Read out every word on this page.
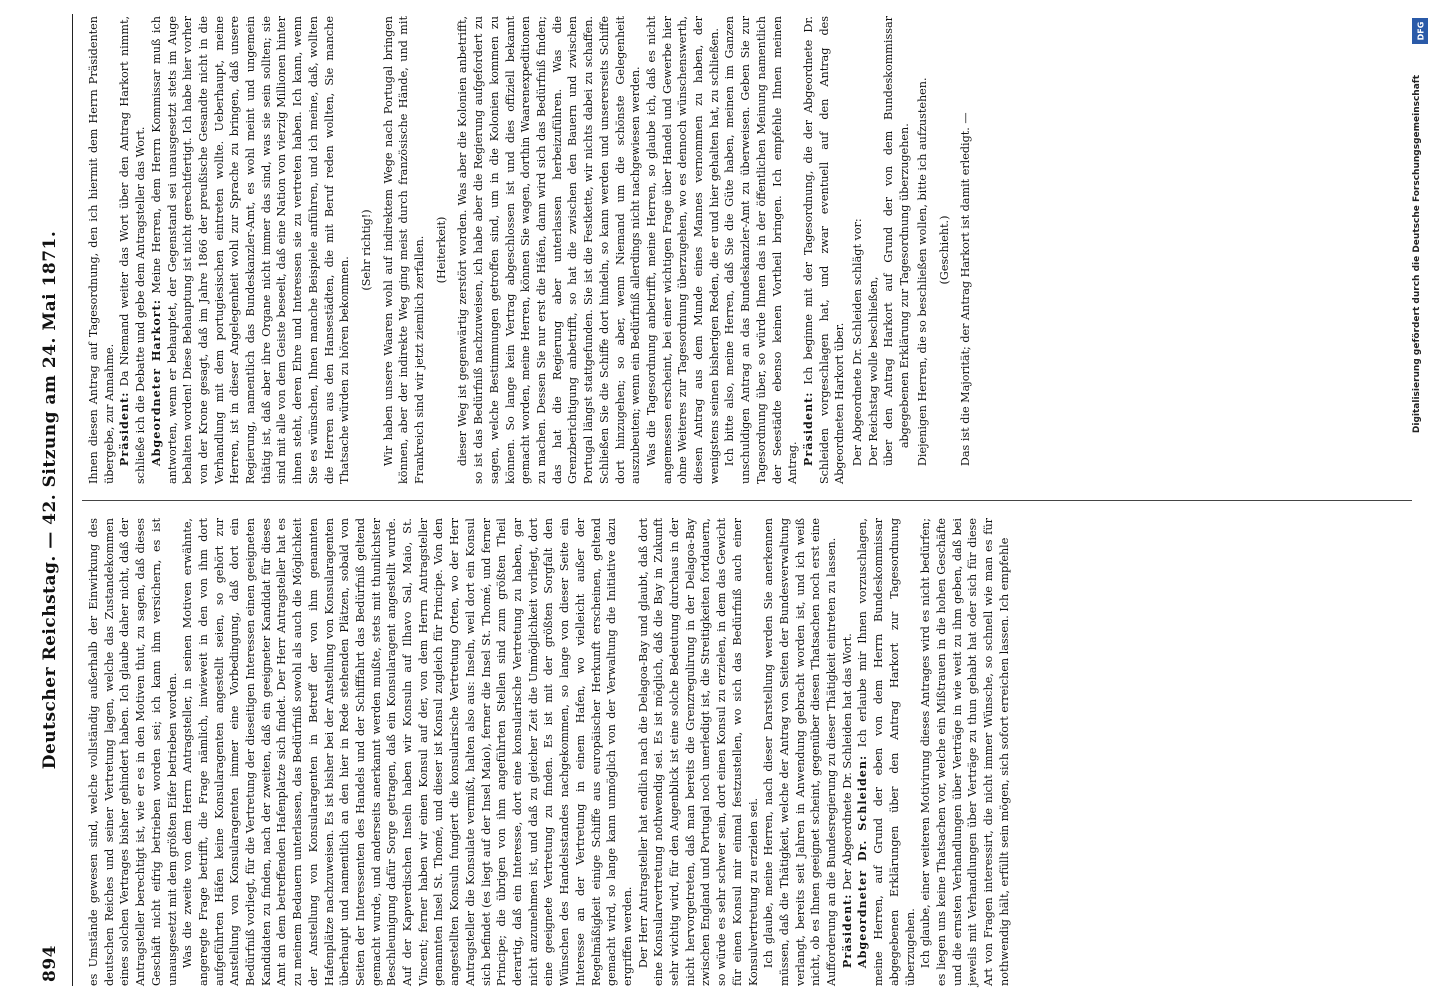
894
Deutscher Reichstag. — 42. Sitzung am 24. Mai 1871. es Umstände gewesen sind, welche vollständig außerhalb der Einwirkung des deutschen Reiches und seiner Vertretung lagen, welche das Zustandekommen eines solchen Vertrages bisher gehindert haben. Ich glaube daher nicht, daß der Antragsteller berechtigt ist, wie er es in den Motiven thut, zu sagen, daß dieses Geschäft nicht eifrig betrieben worden sei; ich kann ihm versichern, es ist unausgesetzt mit dem größten Eifer betrieben worden. Was die zweite von dem Herrn Antragsteller, in seinen Motiven erwähnte, angeregte Frage betrifft, die Frage nämlich, inwieweit in den von ihm dort aufgeführten Häfen keine Konsularagenten angestellt seien, so gehört zur Anstellung von Konsularagenten immer eine Vorbedingung, daß dort ein Bedürfniß vorliegt, für die Vertretung der dieseitigen Interessen einen geeigneten Kandidaten zu finden, nach der zweiten, daß ein geeigneter Kandidat für dieses Amt an dem betreffenden Hafenplatze sich findet. Der Herr Antragsteller hat es zu meinem Bedauern unterlassen, das Bedürfniß sowohl als auch die Möglichkeit der Anstellung von Konsularagenten in Betreff der von ihm genannten Hafenplätze nachzuweisen. Es ist bisher bei der Anstellung von Konsularagenten überhaupt und namentlich an den hier in Rede stehenden Plätzen, sobald von Seiten der Interessenten des Handels und der Schifffahrt das Bedürfniß geltend gemacht wurde, und anderseits anerkannt werden mußte, stets mit thunlichster Beschleunigung dafür Sorge getragen, daß ein Konsularagent angestellt wurde. Auf der Kapverdischen Inseln haben wir Konsuln auf Ilhavo Sal, Maio, St. Vincent; ferner haben wir einen Konsul auf der, von dem Herrn Antragsteller genannten Insel St. Thomé, und dieser ist Konsul zugleich für Principe. Von den angestellten Konsuln fungiert die konsularische Vertretung Orten, wo der Herr Antragsteller die Konsulate vermißt, halten also aus: Inseln, weil dort ein Konsul sich befindet (es liegt auf der Insel Maio), ferner die Insel St. Thomé, und ferner Principe; die übrigen von ihm angeführten Stellen sind zum größten Theil derartig, daß ein Interesse, dort eine konsularische Vertretung zu haben, gar nicht anzunehmen ist, und daß zu gleicher Zeit die Unmöglichkeit vorliegt, dort eine geeignete Vertretung zu finden. Es ist mit der größten Sorgfalt den Wünschen des Handelsstandes nachgekommen, so lange von dieser Seite ein Interesse an der Vertretung in einem Hafen, wo vielleicht außer der Regelmäßigkeit einige Schiffe aus europäischer Herkunft erscheinen, geltend gemacht wird, so lange kann unmöglich von der Verwaltung die Initiative dazu ergriffen werden. Der Herr Antragsteller hat endlich nach die Delagoa-Bay und glaubt, daß dort eine Konsularvertretung nothwendig sei. Es ist möglich, daß die Bay in Zukunft sehr wichtig wird, für den Augenblick ist eine solche Bedeutung durchaus in der nicht hervorgetreten, daß man bereits die Grenzregulirung in der Delagoa-Bay zwischen England und Portugal noch unerledigt ist, die Streitigkeiten fortdauern, so würde es sehr schwer sein, dort einen Konsul zu erzielen, in dem das Gewicht für einen Konsul mir einmal festzustellen, wo sich das Bedürfniß auch einer Konsulvertretung zu erzielen sei. Ich glaube, meine Herren, nach dieser Darstellung werden Sie anerkennen müssen, daß die Thätigkeit, welche der Antrag von Seiten der Bundesverwaltung verlangt, bereits seit Jahren in Anwendung gebracht worden ist, und ich weiß nicht, ob es Ihnen geeignet scheint, gegenüber diesen Thatsachen noch erst eine Aufforderung an die Bundesregierung zu dieser Thätigkeit eintreten zu lassen. Präsident: Der Abgeordnete Dr. Schleiden hat das Wort. Abgeordneter Dr. Schleiden: Ich erlaube mir Ihnen vorzuschlagen, meine Herren, auf Grund der eben von dem Herrn Bundeskommissar abgegebenen Erklärungen über den Antrag Harkort zur Tagesordnung überzugehen. Ich glaube, einer weiteren Motivirung dieses Antrages wird es nicht bedürfen; es liegen uns keine Thatsachen vor, welche ein Mißtrauen in die hohen Geschäfte und die ernsten Verhandlungen über Verträge in wie weit zu ihm geben, daß bei jeweils mit Verhandlungen über Verträge zu thun gehabt hat oder sich für diese Art von Fragen interessirt, die nicht immer Wünsche, so schnell wie man es für nothwendig hält, erfüllt sein mögen, sich sofort erreichen lassen. Ich empfehle

Ihnen diesen Antrag auf Tagesordnung, den ich hiermit dem Herrn Präsidenten übergebe, zur Annahme. Präsident: Da Niemand weiter das Wort über den Antrag Harkort nimmt, schließe ich die Debatte und gebe dem Antragsteller das Wort. Abgeordneter Harkort: Meine Herren, dem Herrn Kommissar muß ich antworten, wenn er behauptet, der Gegenstand sei unausgesetzt stets im Auge behalten worden! Diese Behauptung ist nicht gerechtfertigt. Ich habe hier vorher von der Krone gesagt, daß im Jahre 1866 der preußische Gesandte nicht in die Verhandlung mit dem portugiesischen eintreten wollte. Ueberhaupt, meine Herren, ist in dieser Angelegenheit wohl zur Sprache zu bringen, daß unsere Regierung, namentlich das Bundeskanzler-Amt, es wohl meint und ungemein thätig ist, daß aber ihre Organe nicht immer das sind, was sie sein sollten; sie sind mit alle von dem Geiste beseelt, daß eine Nation von vierzig Millionen hinter ihnen steht, deren Ehre und Interessen sie zu vertreten haben. Ich kann, wenn Sie es wünschen, Ihnen manche Beispiele anführen, und ich meine, daß, wollten die Herren aus den Hansestädten, die mit Beruf reden wollten, Sie manche Thatsache würden zu hören bekommen.

(Sehr richtig!) Wir haben unsere Waaren wohl auf indirektem Wege nach Portugal bringen können, aber der indirekte Weg ging meist durch französische Hände, und mit Frankreich sind wir jetzt ziemlich zerfallen. (Heiterkeit) dieser Weg ist gegenwärtig zerstört worden. Was aber die Kolonien anbetrifft, so ist das Bedürfniß nachzuweisen, ich habe aber die Regierung aufgefordert zu sagen, welche Bestimmungen getroffen sind, um in die Kolonien kommen zu können. So lange kein Vertrag abgeschlossen ist und dies offiziell bekannt gemacht worden, meine Herren, können Sie wagen, dorthin Waarenexpeditionen zu machen. Dessen Sie nur erst die Häfen, dann wird sich das Bedürfniß finden; das hat die Regierung aber unterlassen herbeizuführen. Was die Grenzberichtigung anbetrifft, so hat die zwischen den Bauern und zwischen Portugal längst stattgefunden. Sie ist die Festkette, wir nichts dabei zu schaffen. Schließen Sie die Schiffe dort hindeln, so kann werden und unsererseits Schiffe dort hinzugehen; so aber, wenn Niemand um die schönste Gelegenheit auszubeuten; wenn ein Bedürfniß allerdings nicht nachgewiesen werden. Was die Tagesordnung anbetrifft, meine Herren, so glaube ich, daß es nicht angemessen erscheint, bei einer wichtigen Frage über Handel und Gewerbe hier ohne Weiteres zur Tagesordnung überzugehen, wo es dennoch wünschenswerth, diesen Antrag aus dem Munde eines Mannes vernommen zu haben, der wenigstens seinen bisherigen Reden, die er und hier gehalten hat, zu schließen. Ich bitte also, meine Herren, daß Sie die Güte haben, meinen im Ganzen unschuldigen Antrag an das Bundeskanzler-Amt zu überweisen. Geben Sie zur Tagesordnung über, so würde Ihnen das in der öffentlichen Meinung namentlich der Seestädte ebenso keinen Vortheil bringen. Ich empfehle Ihnen meinen Antrag. Präsident: Ich beginne mit der Tagesordnung, die der Abgeordnete Dr. Schleiden vorgeschlagen hat, und zwar eventuell auf den Antrag des Abgeordneten Harkort über. Der Abgeordnete Dr. Schleiden schlägt vor: Der Reichstag wolle beschließen, über den Antrag Harkort auf Grund der von dem Bundeskommissar abgegebenen Erklärung zur Tagesordnung überzugehen. Diejenigen Herren, die so beschließen wollen, bitte ich aufzustehen. (Geschieht.) Das ist die Majorität; der Antrag Harkort ist damit erledigt. —

DFG
Digitalisierung gefördert durch die Deutsche Forschungsgemeinschaft
